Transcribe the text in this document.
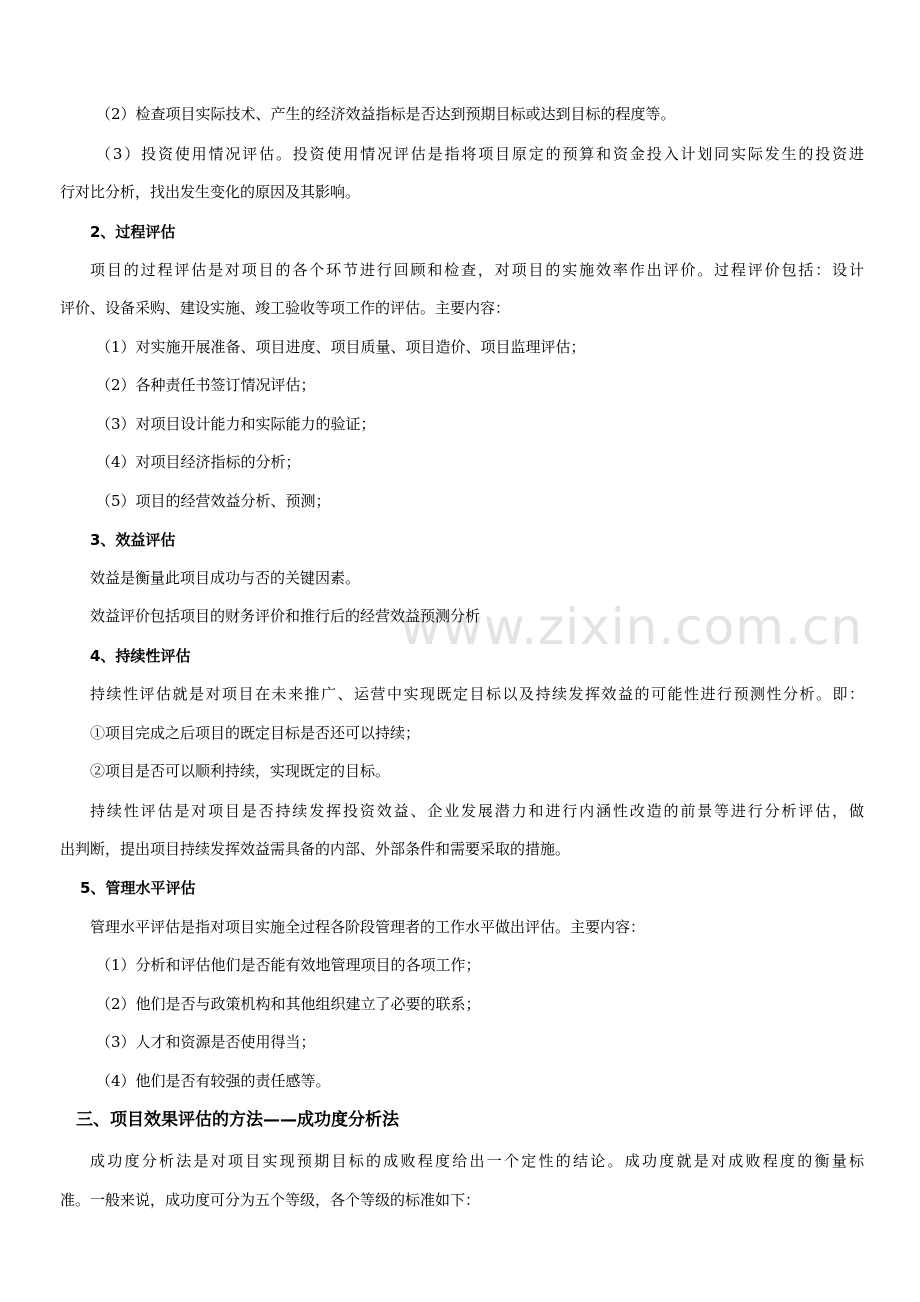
www.zixin.com.cn
（2）检查项目实际技术、产生的经济效益指标是否达到预期目标或达到目标的程度等。
（3）投资使用情况评估。投资使用情况评估是指将项目原定的预算和资金投入计划同实际发生的投资进
行对比分析，找出发生变化的原因及其影响。
2、过程评估
项目的过程评估是对项目的各个环节进行回顾和检查，对项目的实施效率作出评价。过程评价包括：设计
评价、设备采购、建设实施、竣工验收等项工作的评估。主要内容：
（1）对实施开展准备、项目进度、项目质量、项目造价、项目监理评估；
（2）各种责任书签订情况评估；
（3）对项目设计能力和实际能力的验证；
（4）对项目经济指标的分析；
（5）项目的经营效益分析、预测；
3、效益评估
效益是衡量此项目成功与否的关键因素。
效益评价包括项目的财务评价和推行后的经营效益预测分析
4、持续性评估
持续性评估就是对项目在未来推广、运营中实现既定目标以及持续发挥效益的可能性进行预测性分析。即：
①项目完成之后项目的既定目标是否还可以持续；
②项目是否可以顺利持续，实现既定的目标。
持续性评估是对项目是否持续发挥投资效益、企业发展潜力和进行内涵性改造的前景等进行分析评估，做
出判断，提出项目持续发挥效益需具备的内部、外部条件和需要采取的措施。
5、管理水平评估
管理水平评估是指对项目实施全过程各阶段管理者的工作水平做出评估。主要内容：
（1）分析和评估他们是否能有效地管理项目的各项工作；
（2）他们是否与政策机构和其他组织建立了必要的联系；
（3）人才和资源是否使用得当；
（4）他们是否有较强的责任感等。
三、项目效果评估的方法——成功度分析法
成功度分析法是对项目实现预期目标的成败程度给出一个定性的结论。成功度就是对成败程度的衡量标
准。一般来说，成功度可分为五个等级，各个等级的标准如下：
